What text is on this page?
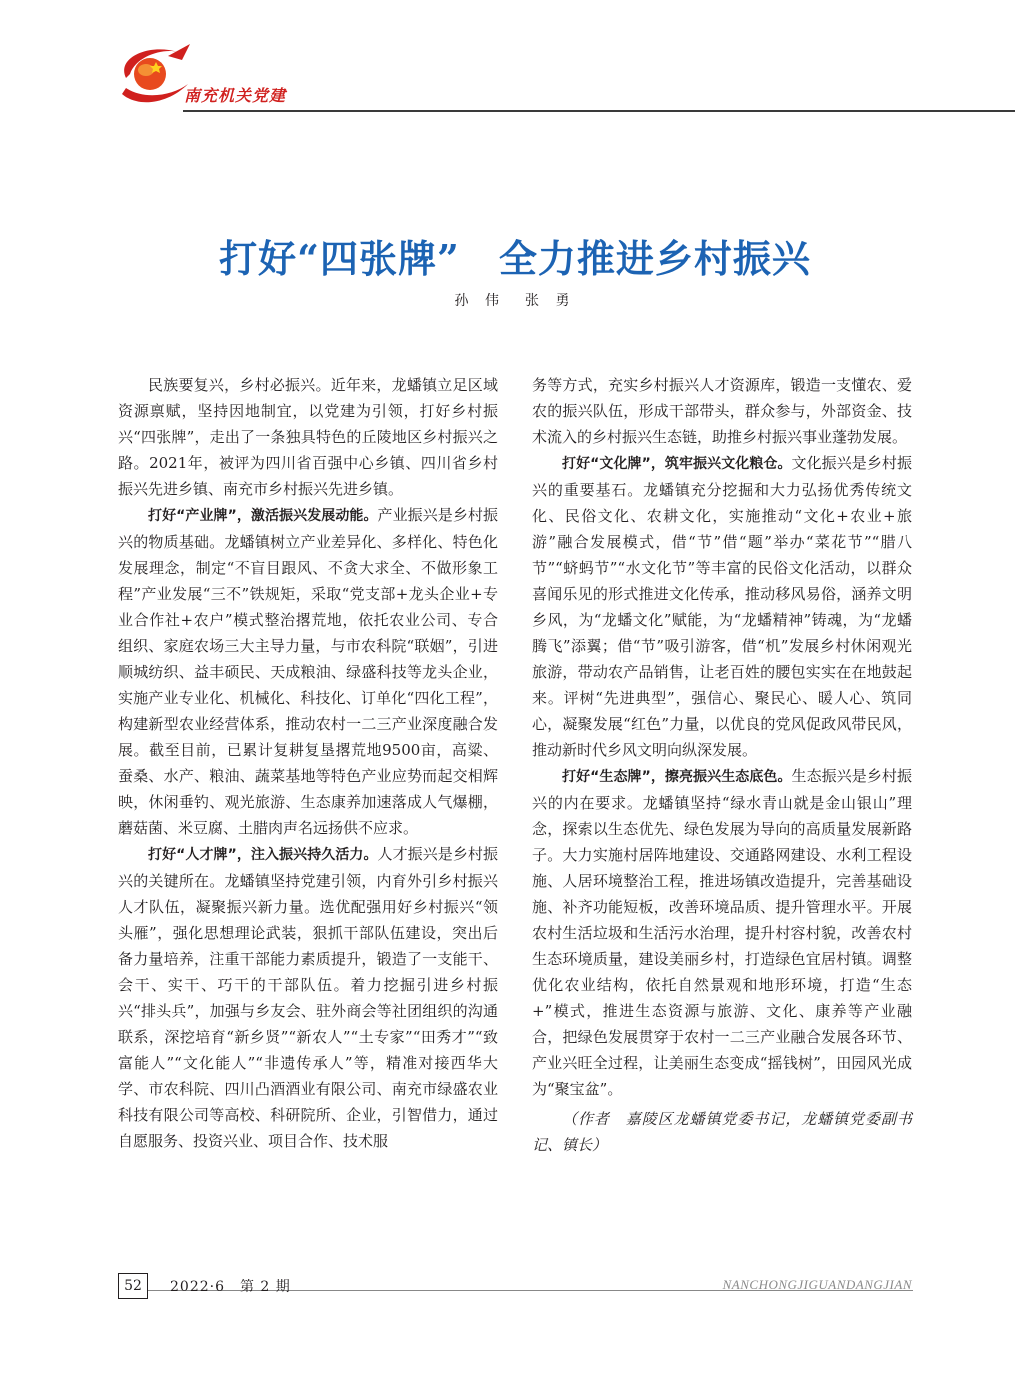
南充机关党建
打好“四张牌”　全力推进乡村振兴
孙 伟　张 勇

民族要复兴，乡村必振兴。近年来，龙蟠镇立足区域资源禀赋，坚持因地制宜，以党建为引领，打好乡村振兴“四张牌”，走出了一条独具特色的丘陵地区乡村振兴之路。2021年，被评为四川省百强中心乡镇、四川省乡村振兴先进乡镇、南充市乡村振兴先进乡镇。

打好“产业牌”，激活振兴发展动能。产业振兴是乡村振兴的物质基础。龙蟠镇树立产业差异化、多样化、特色化发展理念，制定“不盲目跟风、不贪大求全、不做形象工程”产业发展“三不”铁规矩，采取“党支部+龙头企业+专业合作社+农户”模式整治撂荒地，依托农业公司、专合组织、家庭农场三大主导力量，与市农科院“联姻”，引进顺城纺织、益丰硕民、天成粮油、绿盛科技等龙头企业，实施产业专业化、机械化、科技化、订单化“四化工程”，构建新型农业经营体系，推动农村一二三产业深度融合发展。截至目前，已累计复耕复垦撂荒地9500亩，高粱、蚕桑、水产、粮油、蔬菜基地等特色产业应势而起交相辉映，休闲垂钓、观光旅游、生态康养加速落成人气爆棚，蘑菇菌、米豆腐、土腊肉声名远扬供不应求。

打好“人才牌”，注入振兴持久活力。人才振兴是乡村振兴的关键所在。龙蟠镇坚持党建引领，内育外引乡村振兴人才队伍，凝聚振兴新力量。选优配强用好乡村振兴“领头雁”，强化思想理论武装，狠抓干部队伍建设，突出后备力量培养，注重干部能力素质提升，锻造了一支能干、会干、实干、巧干的干部队伍。着力挖掘引进乡村振兴“排头兵”，加强与乡友会、驻外商会等社团组织的沟通联系，深挖培育“新乡贤”“新农人”“土专家”“田秀才”“致富能人”“文化能人”“非遗传承人”等，精准对接西华大学、市农科院、四川凸酒酒业有限公司、南充市绿盛农业科技有限公司等高校、科研院所、企业，引智借力，通过自愿服务、投资兴业、项目合作、技术服

务等方式，充实乡村振兴人才资源库，锻造一支懂农、爱农的振兴队伍，形成干部带头，群众参与，外部资金、技术流入的乡村振兴生态链，助推乡村振兴事业蓬勃发展。

打好“文化牌”，筑牢振兴文化粮仓。文化振兴是乡村振兴的重要基石。龙蟠镇充分挖掘和大力弘扬优秀传统文化、民俗文化、农耕文化，实施推动“文化+农业+旅游”融合发展模式，借“节”借“题”举办“菜花节”“腊八节”“蛴蚂节”“水文化节”等丰富的民俗文化活动，以群众喜闻乐见的形式推进文化传承，推动移风易俗，涵养文明乡风，为“龙蟠文化”赋能，为“龙蟠精神”铸魂，为“龙蟠腾飞”添翼；借“节”吸引游客，借“机”发展乡村休闲观光旅游，带动农产品销售，让老百姓的腰包实实在在地鼓起来。评树“先进典型”，强信心、聚民心、暖人心、筑同心，凝聚发展“红色”力量，以优良的党风促政风带民风，推动新时代乡风文明向纵深发展。

打好“生态牌”，擦亮振兴生态底色。生态振兴是乡村振兴的内在要求。龙蟠镇坚持“绿水青山就是金山银山”理念，探索以生态优先、绿色发展为导向的高质量发展新路子。大力实施村居阵地建设、交通路网建设、水利工程设施、人居环境整治工程，推进场镇改造提升，完善基础设施、补齐功能短板，改善环境品质、提升管理水平。开展农村生活垃圾和生活污水治理，提升村容村貌，改善农村生态环境质量，建设美丽乡村，打造绿色宜居村镇。调整优化农业结构，依托自然景观和地形环境，打造“生态+”模式，推进生态资源与旅游、文化、康养等产业融合，把绿色发展贯穿于农村一二三产业融合发展各环节、产业兴旺全过程，让美丽生态变成“摇钱树”，田园风光成为“聚宝盆”。

（作者　嘉陵区龙蟠镇党委书记，龙蟠镇党委副书记、镇长）

52	2022·6　第 2 期	NANCHONGJIGUANDANGJIAN
